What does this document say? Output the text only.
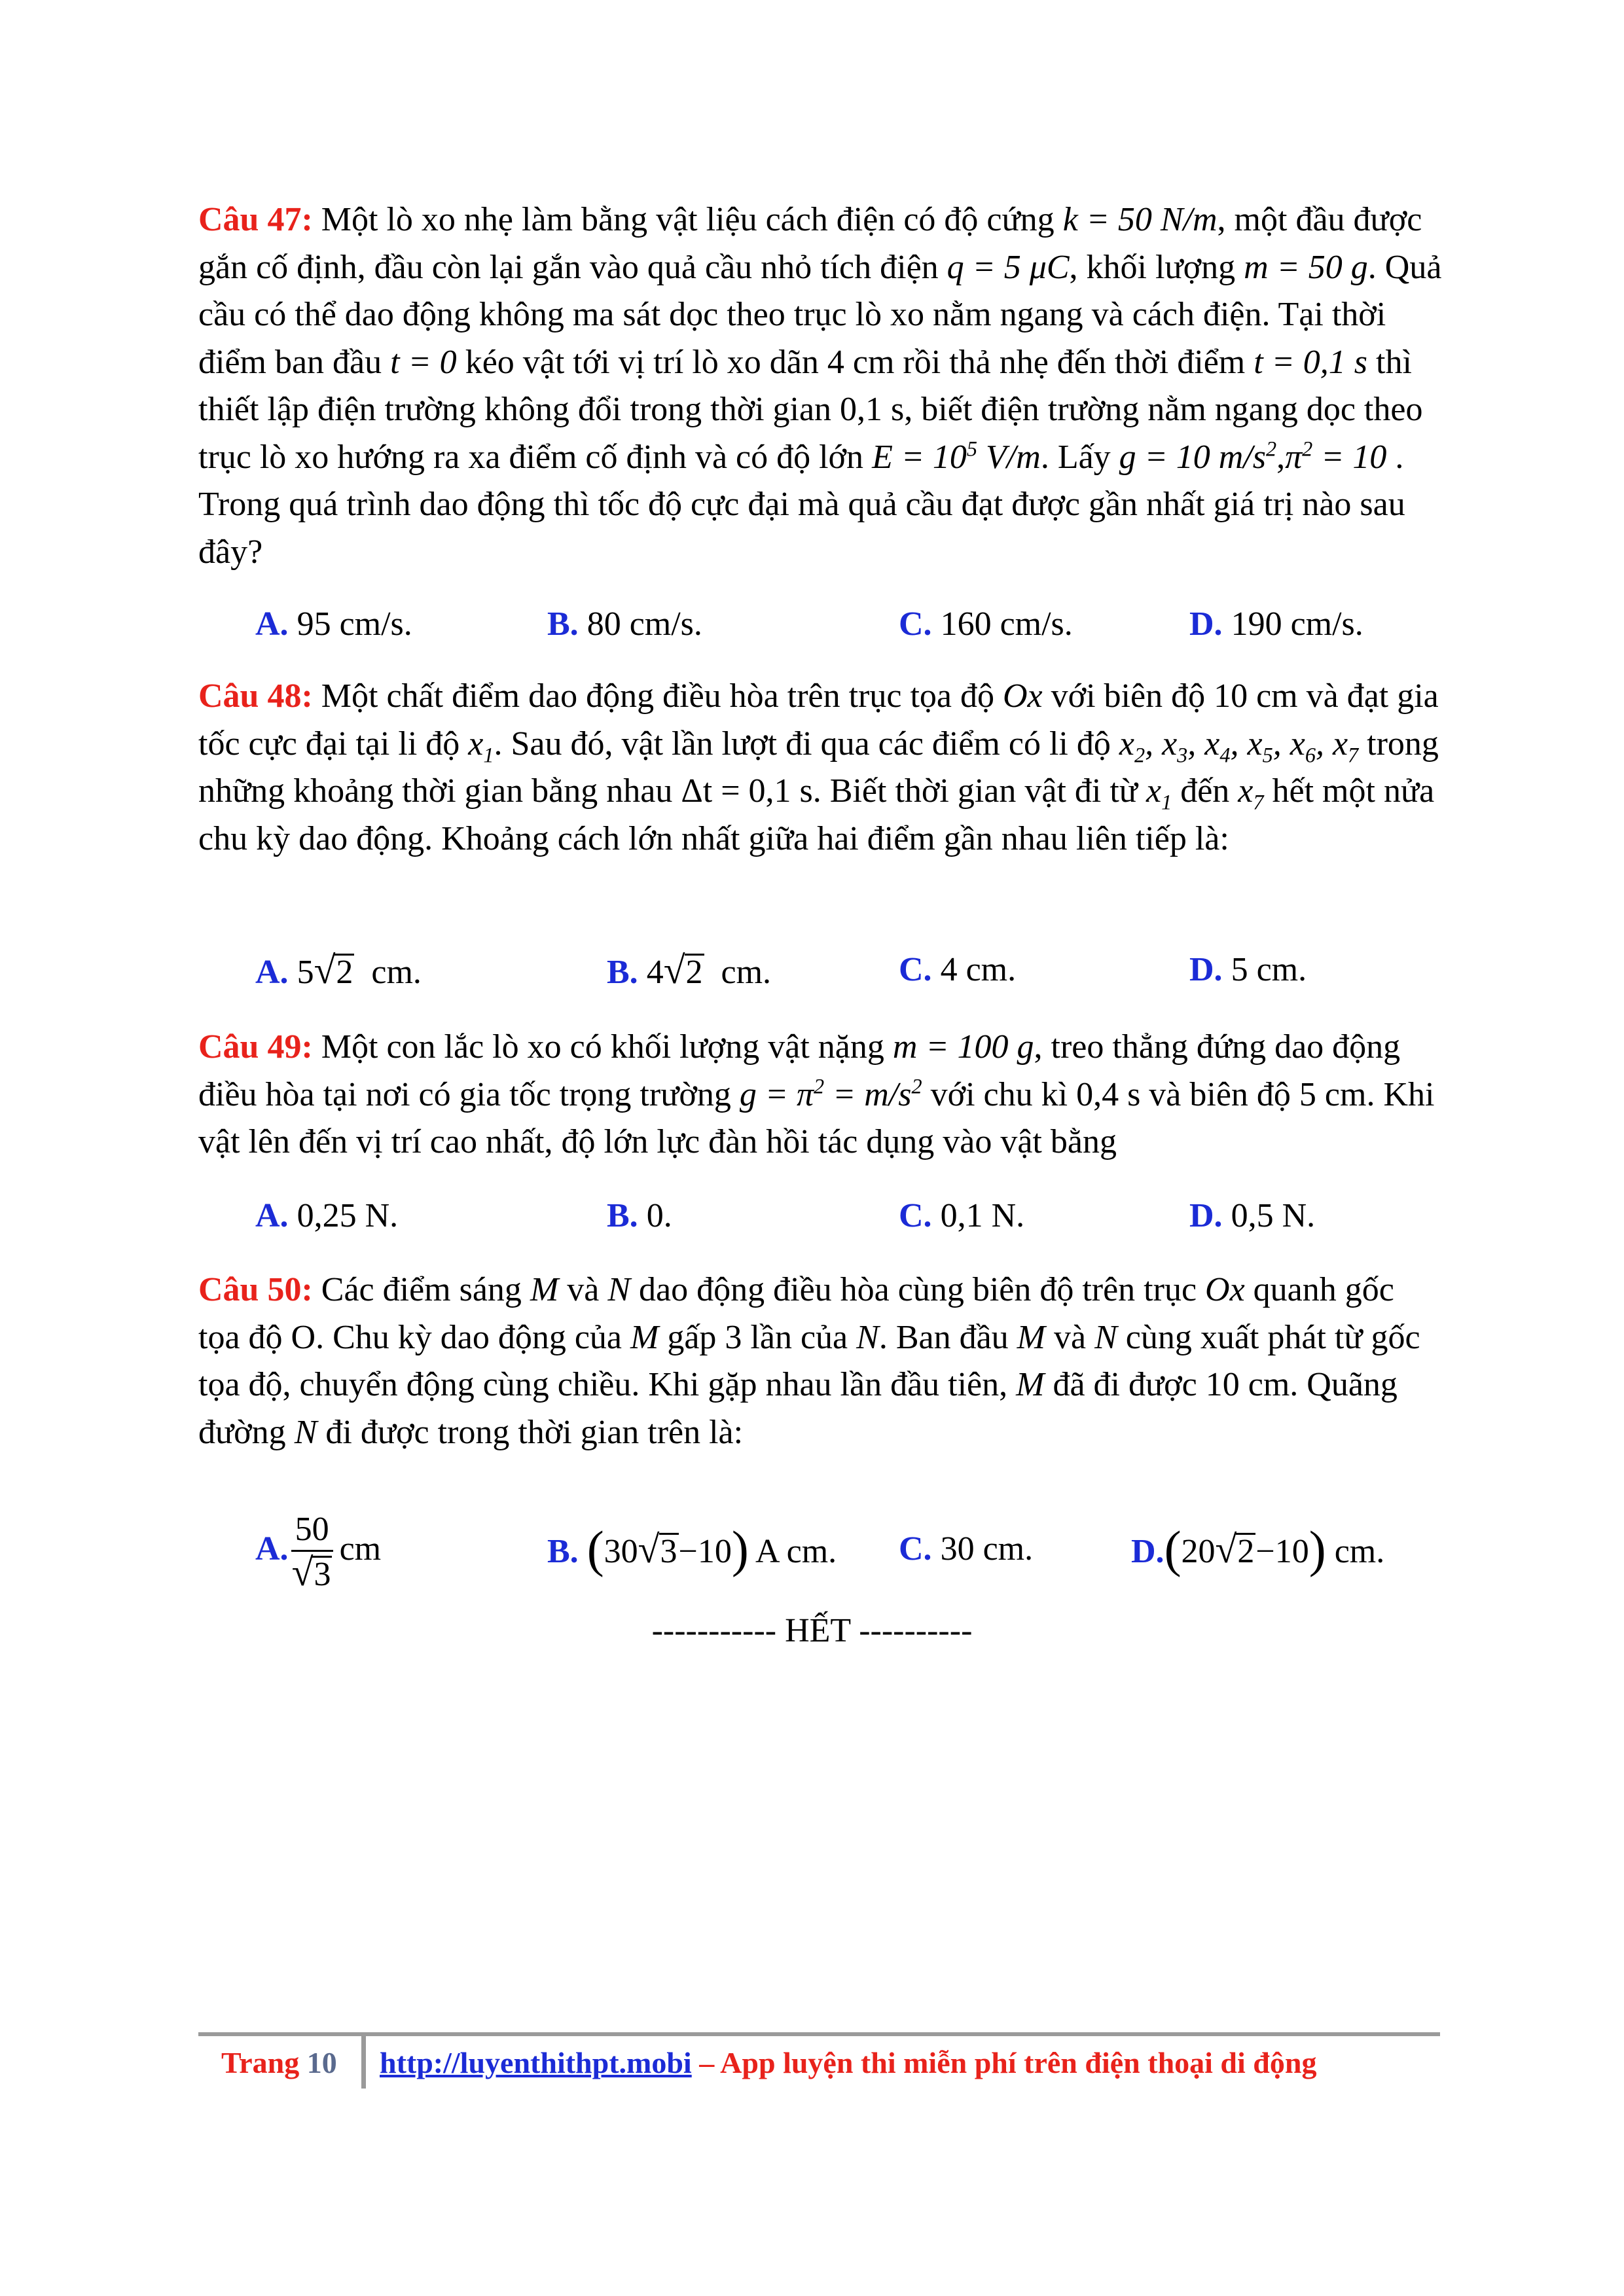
Câu 47: Một lò xo nhẹ làm bằng vật liệu cách điện có độ cứng k = 50 N/m, một đầu được gắn cố định, đầu còn lại gắn vào quả cầu nhỏ tích điện q = 5 μC, khối lượng m = 50 g. Quả cầu có thể dao động không ma sát dọc theo trục lò xo nằm ngang và cách điện. Tại thời điểm ban đầu t = 0 kéo vật tới vị trí lò xo dãn 4 cm rồi thả nhẹ đến thời điểm t = 0,1 s thì thiết lập điện trường không đổi trong thời gian 0,1 s, biết điện trường nằm ngang dọc theo trục lò xo hướng ra xa điểm cố định và có độ lớn $E = 10^5$ V/m. Lấy g = 10 $m/s^2,\pi^2 = 10$ . Trong quá trình dao động thì tốc độ cực đại mà quả cầu đạt được gần nhất giá trị nào sau đây?

A. 95 cm/s.	B. 80 cm/s.	C. 160 cm/s.	D. 190 cm/s.

Câu 48: Một chất điểm dao động điều hòa trên trục tọa độ Ox với biên độ 10 cm và đạt gia tốc cực đại tại li độ $x_1$. Sau đó, vật lần lượt đi qua các điểm có li độ $x_2$, $x_3$, $x_4$, $x_5$, $x_6$, $x_7$ trong những khoảng thời gian bằng nhau Δt = 0,1 s. Biết thời gian vật đi từ $x_1$ đến $x_7$ hết một nửa chu kỳ dao động. Khoảng cách lớn nhất giữa hai điểm gần nhau liên tiếp là:

A. 5√2 cm.	B. 4√2 cm.	C. 4 cm.	D. 5 cm.

Câu 49: Một con lắc lò xo có khối lượng vật nặng m = 100 g, treo thẳng đứng dao động điều hòa tại nơi có gia tốc trọng trường $g = \pi^2 = m/s^2$ với chu kì 0,4 s và biên độ 5 cm. Khi vật lên đến vị trí cao nhất, độ lớn lực đàn hồi tác dụng vào vật bằng

A. 0,25 N.	B. 0.	C. 0,1 N.	D. 0,5 N.

Câu 50: Các điểm sáng M và N dao động điều hòa cùng biên độ trên trục Ox quanh gốc tọa độ O. Chu kỳ dao động của M gấp 3 lần của N. Ban đầu M và N cùng xuất phát từ gốc tọa độ, chuyển động cùng chiều. Khi gặp nhau lần đầu tiên, M đã đi được 10 cm. Quãng đường N đi được trong thời gian trên là:

A. $\frac{50}{√3}$ cm	B. (30√3−10) A cm. C. 30 cm.	D.(20√2−10) cm.
----------- HẾT ----------
Trang 10 http://luyenthithpt.mobi – App luyện thi miễn phí trên điện thoại di động
